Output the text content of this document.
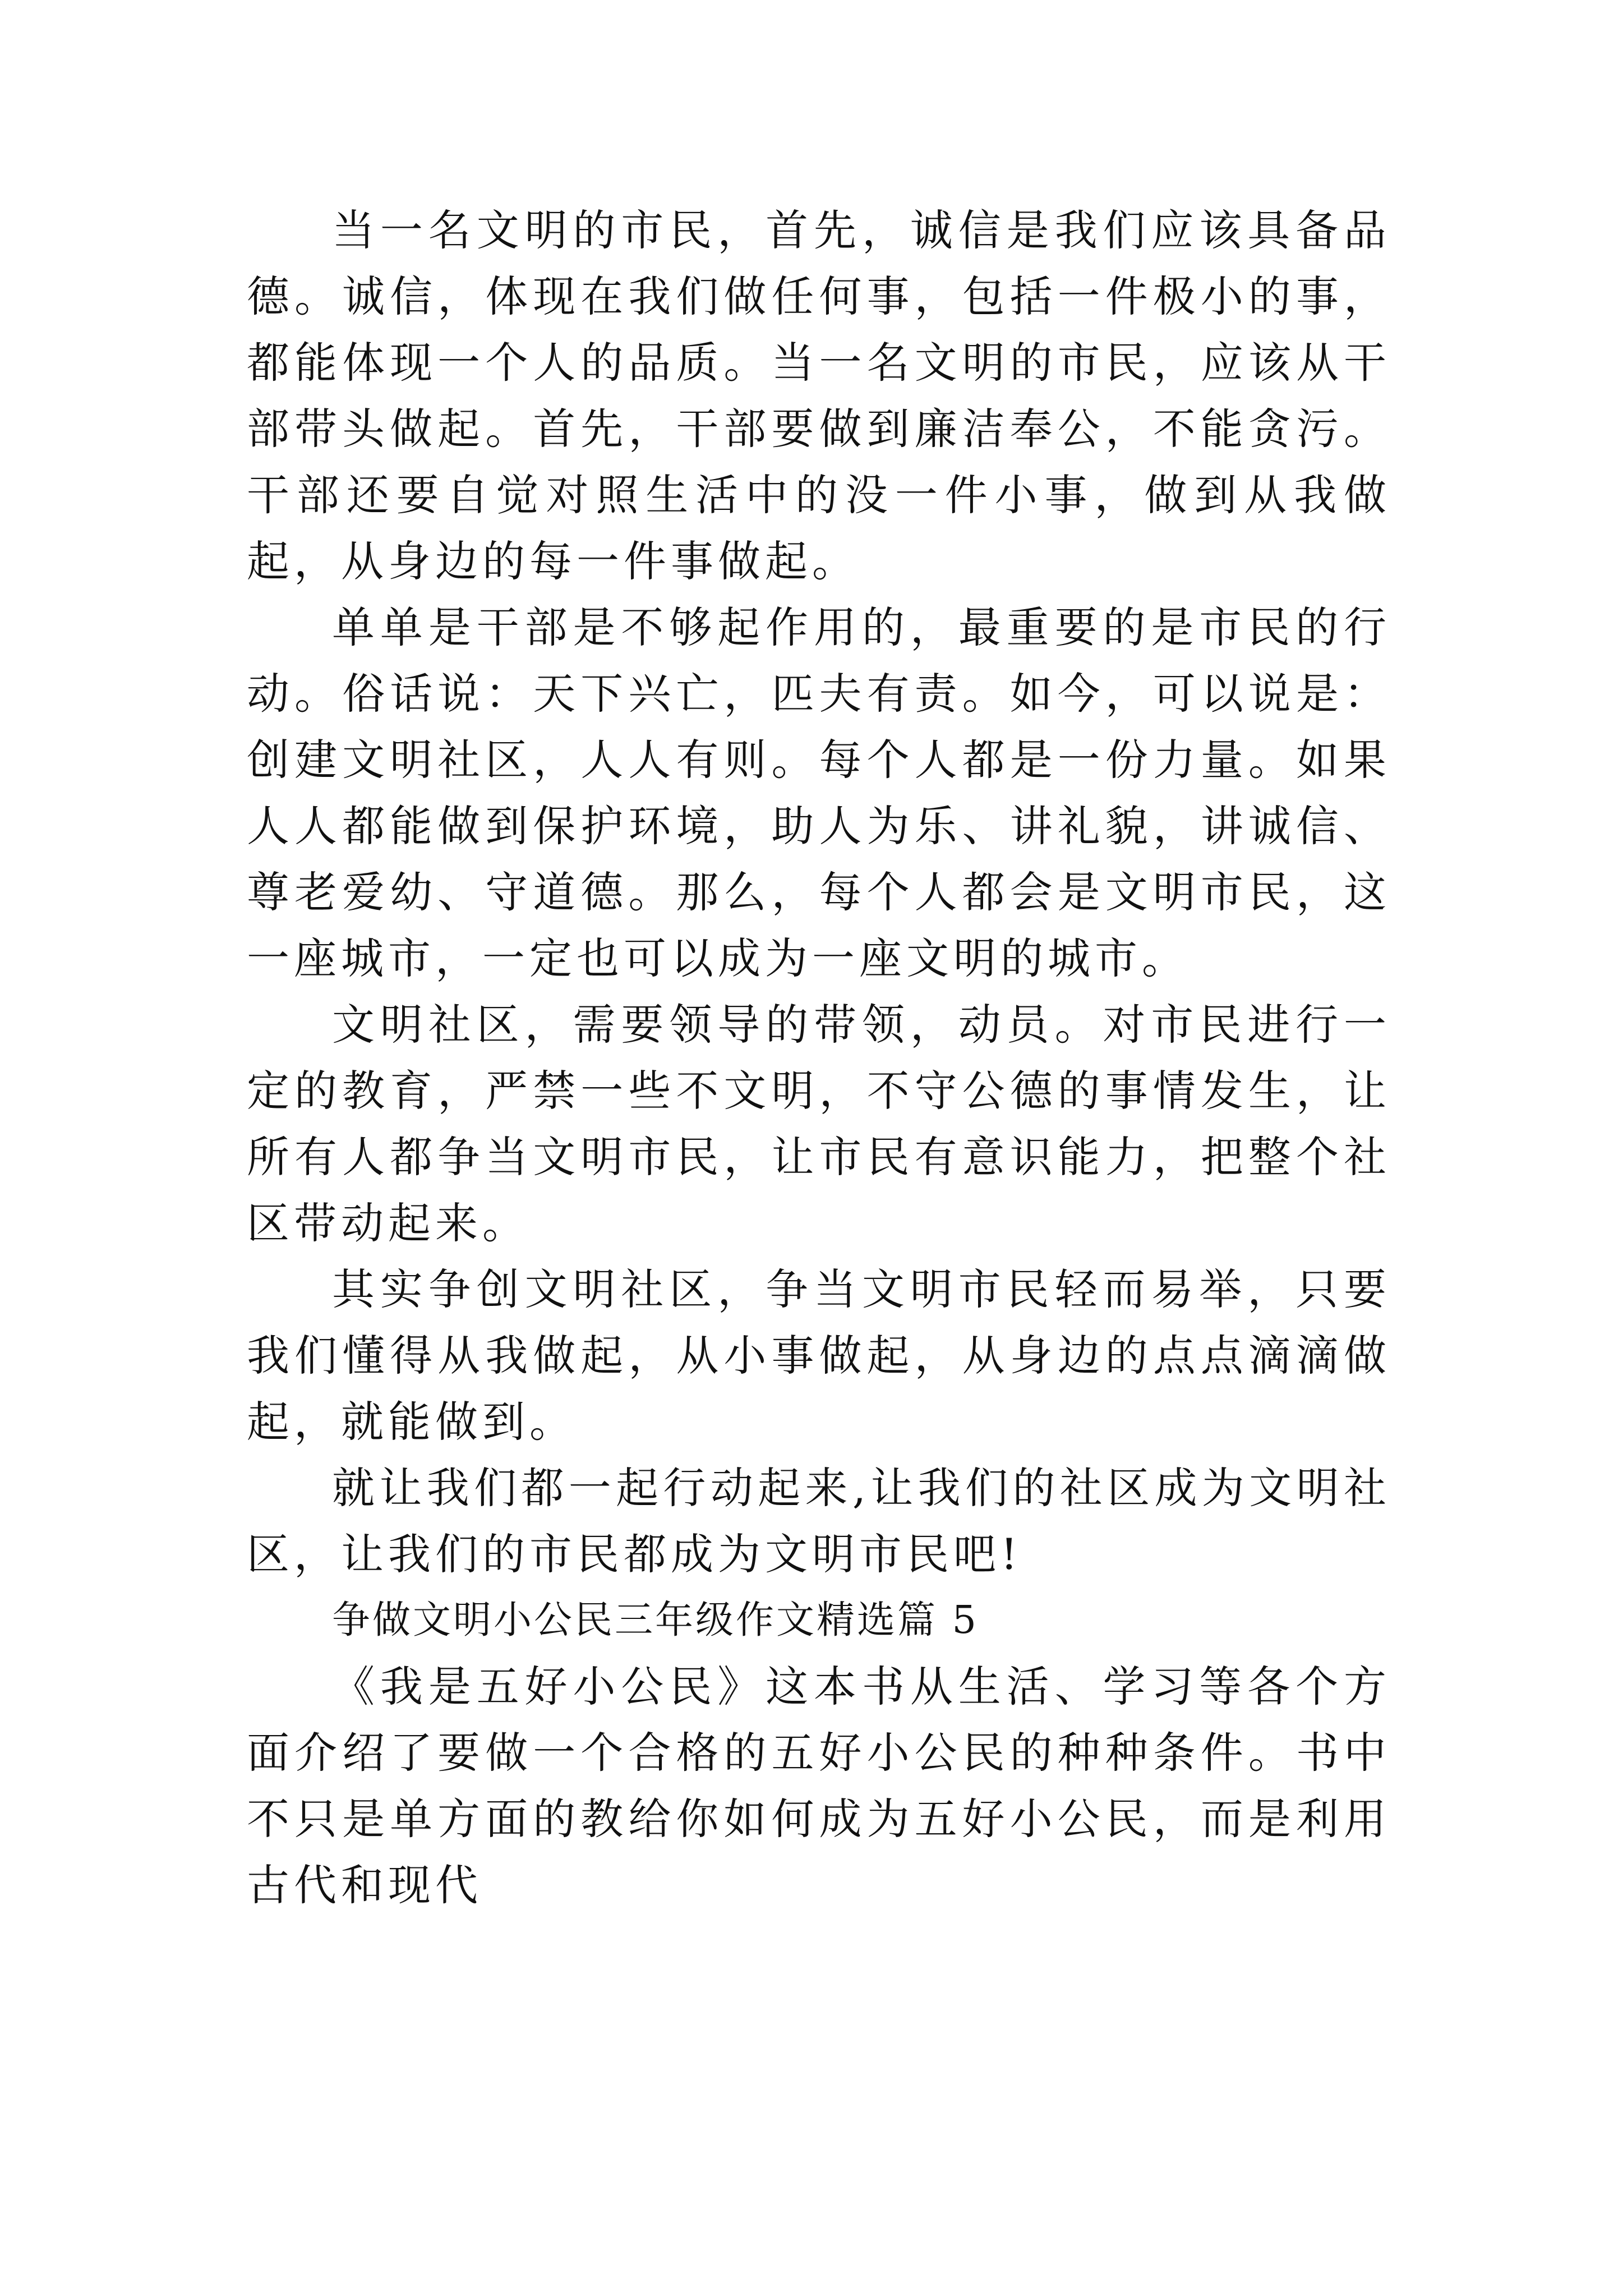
当一名文明的市民，首先，诚信是我们应该具备品德。诚信，体现在我们做任何事，包括一件极小的事，都能体现一个人的品质。当一名文明的市民，应该从干部带头做起。首先，干部要做到廉洁奉公，不能贪污。干部还要自觉对照生活中的没一件小事，做到从我做起，从身边的每一件事做起。

单单是干部是不够起作用的，最重要的是市民的行动。俗话说：天下兴亡，匹夫有责。如今，可以说是：创建文明社区，人人有则。每个人都是一份力量。如果人人都能做到保护环境，助人为乐、讲礼貌，讲诚信、尊老爱幼、守道德。那么，每个人都会是文明市民，这一座城市，一定也可以成为一座文明的城市。

文明社区，需要领导的带领，动员。对市民进行一定的教育，严禁一些不文明，不守公德的事情发生，让所有人都争当文明市民，让市民有意识能力，把整个社区带动起来。

其实争创文明社区，争当文明市民轻而易举，只要我们懂得从我做起，从小事做起，从身边的点点滴滴做起，就能做到。

就让我们都一起行动起来,让我们的社区成为文明社区，让我们的市民都成为文明市民吧!

争做文明小公民三年级作文精选篇 5

《我是五好小公民》这本书从生活、学习等各个方面介绍了要做一个合格的五好小公民的种种条件。书中不只是单方面的教给你如何成为五好小公民，而是利用古代和现代
